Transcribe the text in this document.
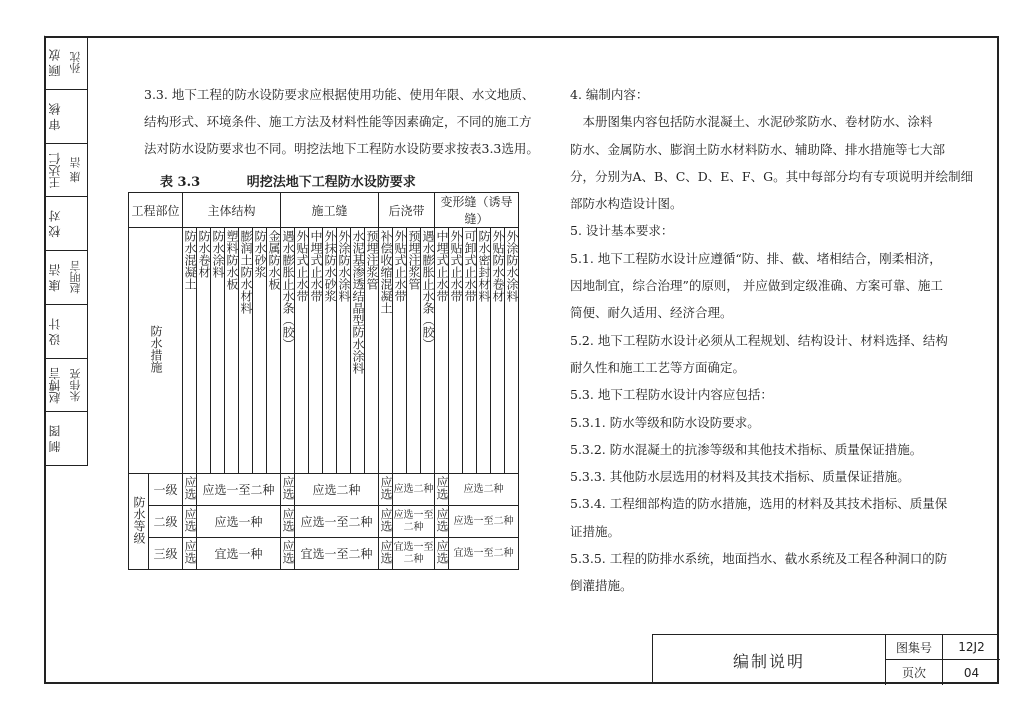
顾 放 孙沈
审 核
王达仁 康 洁
校 对
康 洁 赵明言
设 计
赵博言 朱伟亮
制 图

3.3. 地下工程的防水设防要求应根据使用功能、使用年限、水文地质、

结构形式、环境条件、施工方法及材料性能等因素确定，不同的施工方

法对防水设防要求也不同。明挖法地下工程防水设防要求按表3.3选用。

表 3.3	明挖法地下工程防水设防要求
工程部位		主体结构							施工缝							后浇带				变形缝（诱导缝）					
防水措施		防水混凝土	防水卷材	防水涂料	塑料防水板	膨润土防水材料	防水砂浆	金属防水板	遇水膨胀止水条（胶）	外贴式止水带	中埋式止水带	外抹防水砂浆	外涂防水涂料	水泥基渗透结晶型防水涂料	预埋注浆管	补偿收缩混凝土	外贴式止水带	预埋注浆管	遇水膨胀止水条（胶）	中埋式止水带	外贴式止水带	可卸式止水带	防水密封材料	外贴防水卷材	外涂防水涂料
防水等级	一级	应选	应选一至二种						应选	应选二种						应选	应选二种			应选	应选二种				
	二级	应选	应选一种						应选	应选一至二种						应选	应选一至二种			应选	应选一至二种				
	三级	应选	宜选一种						应选	宜选一至二种						应选	宜选一至二种			应选	宜选一至二种				

4. 编制内容：

　本册图集内容包括防水混凝土、水泥砂浆防水、卷材防水、涂料

防水、金属防水、膨润土防水材料防水、辅助降、排水措施等七大部

分，分别为A、B、C、D、E、F、G。其中每部分均有专项说明并绘制细

部防水构造设计图。

5. 设计基本要求：

5.1. 地下工程防水设计应遵循“防、排、截、堵相结合，刚柔相济，

因地制宜，综合治理”的原则， 并应做到定级准确、方案可靠、施工

简便、耐久适用、经济合理。

5.2. 地下工程防水设计必须从工程规划、结构设计、材料选择、结构

耐久性和施工工艺等方面确定。

5.3. 地下工程防水设计内容应包括：

5.3.1. 防水等级和防水设防要求。

5.3.2. 防水混凝土的抗渗等级和其他技术指标、质量保证措施。

5.3.3. 其他防水层选用的材料及其技术指标、质量保证措施。

5.3.4. 工程细部构造的防水措施，选用的材料及其技术指标、质量保

证措施。

5.3.5. 工程的防排水系统，地面挡水、截水系统及工程各种洞口的防

倒灌措施。

编制说明
图集号	12J2
页次	04
